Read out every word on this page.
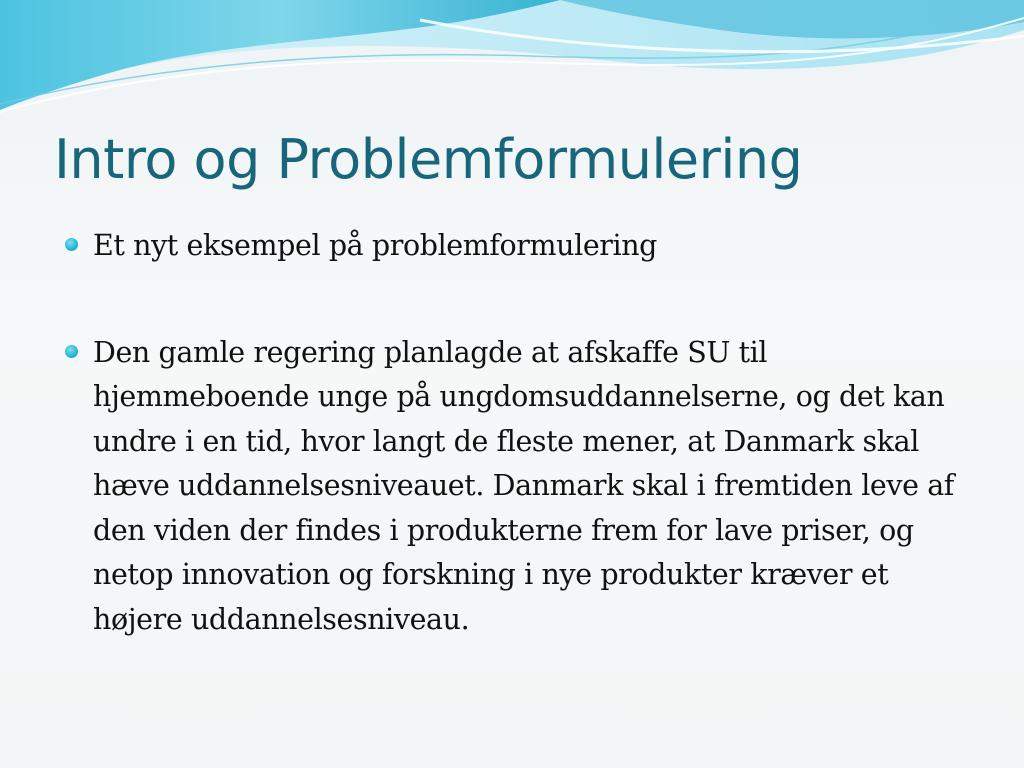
Intro og Problemformulering
Et nyt eksempel på problemformulering
Den gamle regering planlagde at afskaffe SU til hjemmeboende unge på ungdomsuddannelserne, og det kan undre i en tid, hvor langt de fleste mener, at Danmark skal hæve uddannelsesniveauet. Danmark skal i fremtiden leve af den viden der findes i produkterne frem for lave priser, og netop innovation og forskning i nye produkter kræver et højere uddannelsesniveau.
